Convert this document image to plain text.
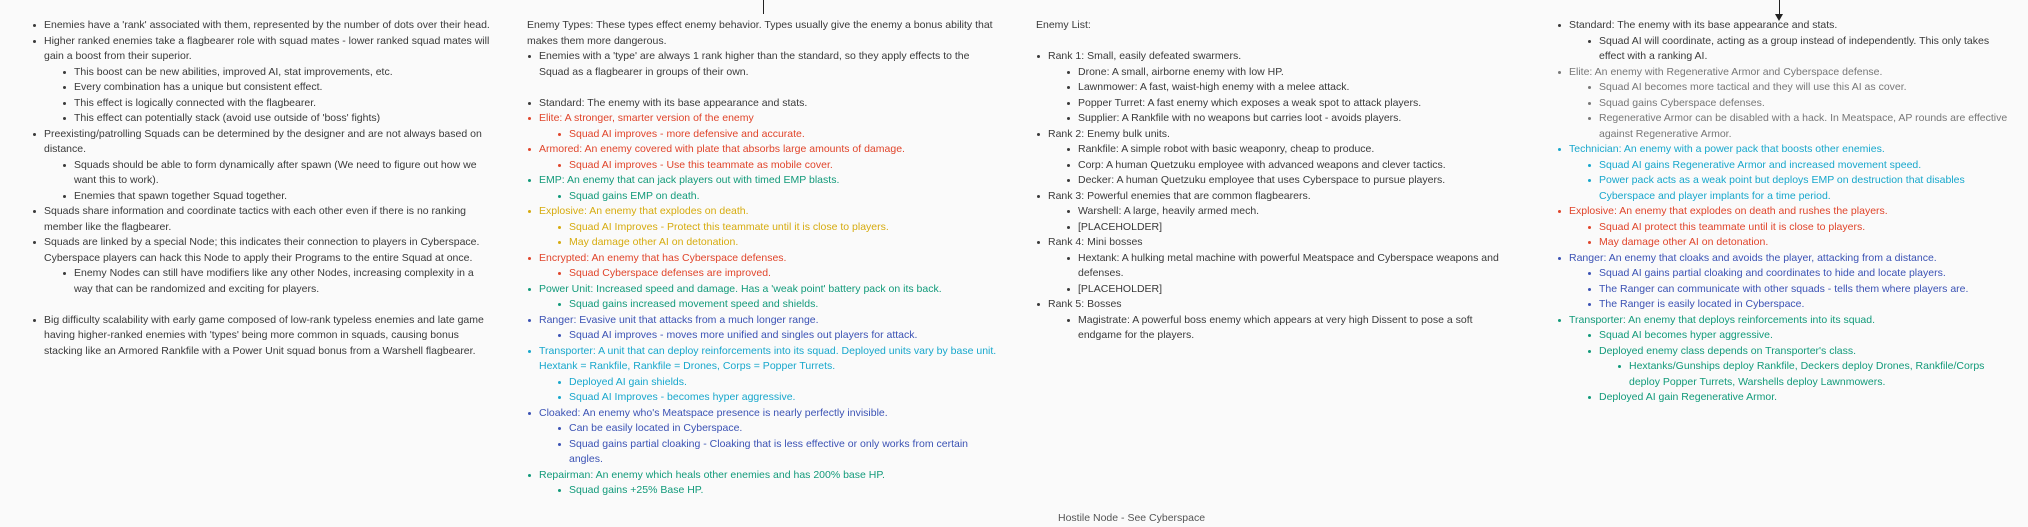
Enemies have a 'rank' associated with them, represented by the number of dots over their head.
Higher ranked enemies take a flagbearer role with squad mates - lower ranked squad mates will gain a boost from their superior.
This boost can be new abilities, improved AI, stat improvements, etc.
Every combination has a unique but consistent effect.
This effect is logically connected with the flagbearer.
This effect can potentially stack (avoid use outside of 'boss' fights)
Preexisting/patrolling Squads can be determined by the designer and are not always based on distance.
Squads should be able to form dynamically after spawn (We need to figure out how we want this to work).
Enemies that spawn together Squad together.
Squads share information and coordinate tactics with each other even if there is no ranking member like the flagbearer.
Squads are linked by a special Node; this indicates their connection to players in Cyberspace. Cyberspace players can hack this Node to apply their Programs to the entire Squad at once.
Enemy Nodes can still have modifiers like any other Nodes, increasing complexity in a way that can be randomized and exciting for players.
Big difficulty scalability with early game composed of low-rank typeless enemies and late game having higher-ranked enemies with 'types' being more common in squads, causing bonus stacking like an Armored Rankfile with a Power Unit squad bonus from a Warshell flagbearer.
Enemy Types: These types effect enemy behavior. Types usually give the enemy a bonus ability that makes them more dangerous.
Enemies with a 'type' are always 1 rank higher than the standard, so they apply effects to the Squad as a flagbearer in groups of their own.
Standard: The enemy with its base appearance and stats.
Elite: A stronger, smarter version of the enemy
Squad AI improves - more defensive and accurate.
Armored: An enemy covered with plate that absorbs large amounts of damage.
Squad AI improves - Use this teammate as mobile cover.
EMP: An enemy that can jack players out with timed EMP blasts.
Squad gains EMP on death.
Explosive: An enemy that explodes on death.
Squad AI Improves - Protect this teammate until it is close to players.
May damage other AI on detonation.
Encrypted: An enemy that has Cyberspace defenses.
Squad Cyberspace defenses are improved.
Power Unit: Increased speed and damage. Has a 'weak point' battery pack on its back.
Squad gains increased movement speed and shields.
Ranger: Evasive unit that attacks from a much longer range.
Squad AI improves - moves more unified and singles out players for attack.
Transporter: A unit that can deploy reinforcements into its squad. Deployed units vary by base unit. Hextank = Rankfile, Rankfile = Drones, Corps = Popper Turrets.
Deployed AI gain shields.
Squad AI Improves - becomes hyper aggressive.
Cloaked: An enemy who's Meatspace presence is nearly perfectly invisible.
Can be easily located in Cyberspace.
Squad gains partial cloaking - Cloaking that is less effective or only works from certain angles.
Repairman: An enemy which heals other enemies and has 200% base HP.
Squad gains +25% Base HP.
Enemy List:
Rank 1: Small, easily defeated swarmers.
Drone: A small, airborne enemy with low HP.
Lawnmower: A fast, waist-high enemy with a melee attack.
Popper Turret: A fast enemy which exposes a weak spot to attack players.
Supplier: A Rankfile with no weapons but carries loot - avoids players.
Rank 2: Enemy bulk units.
Rankfile: A simple robot with basic weaponry, cheap to produce.
Corp: A human Quetzuku employee with advanced weapons and clever tactics.
Decker: A human Quetzuku employee that uses Cyberspace to pursue players.
Rank 3: Powerful enemies that are common flagbearers.
Warshell: A large, heavily armed mech.
[PLACEHOLDER]
Rank 4: Mini bosses
Hextank: A hulking metal machine with powerful Meatspace and Cyberspace weapons and defenses.
[PLACEHOLDER]
Rank 5: Bosses
Magistrate: A powerful boss enemy which appears at very high Dissent to pose a soft endgame for the players.
Standard: The enemy with its base appearance and stats.
Squad AI will coordinate, acting as a group instead of independently. This only takes effect with a ranking AI.
Elite: An enemy with Regenerative Armor and Cyberspace defense.
Squad AI becomes more tactical and they will use this AI as cover.
Squad gains Cyberspace defenses.
Regenerative Armor can be disabled with a hack. In Meatspace, AP rounds are effective against Regenerative Armor.
Technician: An enemy with a power pack that boosts other enemies.
Squad AI gains Regenerative Armor and increased movement speed.
Power pack acts as a weak point but deploys EMP on destruction that disables Cyberspace and player implants for a time period.
Explosive: An enemy that explodes on death and rushes the players.
Squad AI protect this teammate until it is close to players.
May damage other AI on detonation.
Ranger: An enemy that cloaks and avoids the player, attacking from a distance.
Squad AI gains partial cloaking and coordinates to hide and locate players.
The Ranger can communicate with other squads - tells them where players are.
The Ranger is easily located in Cyberspace.
Transporter: An enemy that deploys reinforcements into its squad.
Squad AI becomes hyper aggressive.
Deployed enemy class depends on Transporter's class.
Hextanks/Gunships deploy Rankfile, Deckers deploy Drones, Rankfile/Corps deploy Popper Turrets, Warshells deploy Lawnmowers.
Deployed AI gain Regenerative Armor.
Hostile Node - See Cyberspace
